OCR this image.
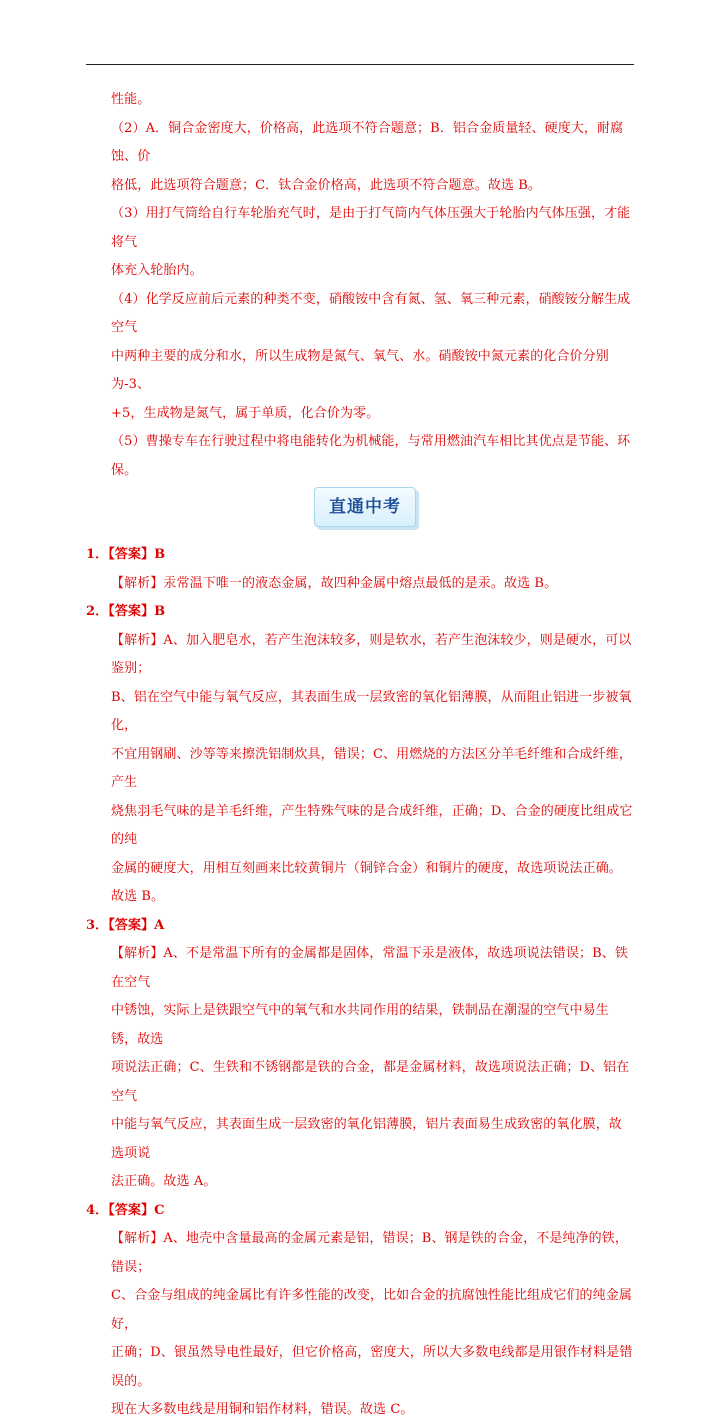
性能。

（2）A．铜合金密度大，价格高，此选项不符合题意；B．铝合金质量轻、硬度大，耐腐蚀、价

格低，此选项符合题意；C．钛合金价格高，此选项不符合题意。故选 B。

（3）用打气筒给自行车轮胎充气时，是由于打气筒内气体压强大于轮胎内气体压强，才能将气

体充入轮胎内。

（4）化学反应前后元素的种类不变，硝酸铵中含有氮、氢、氧三种元素，硝酸铵分解生成空气

中两种主要的成分和水，所以生成物是氮气、氧气、水。硝酸铵中氮元素的化合价分别为-3、

+5，生成物是氮气，属于单质，化合价为零。

（5）曹操专车在行驶过程中将电能转化为机械能，与常用燃油汽车相比其优点是节能、环保。

直通中考

1．【答案】B

【解析】汞常温下唯一的液态金属，故四种金属中熔点最低的是汞。故选 B。

2．【答案】B

【解析】A、加入肥皂水，若产生泡沫较多，则是软水，若产生泡沫较少，则是硬水，可以鉴别；

B、铝在空气中能与氧气反应，其表面生成一层致密的氧化铝薄膜，从而阻止铝进一步被氧化，

不宜用钢刷、沙等等来擦洗铝制炊具，错误；C、用燃烧的方法区分羊毛纤维和合成纤维，产生

烧焦羽毛气味的是羊毛纤维，产生特殊气味的是合成纤维，正确；D、合金的硬度比组成它的纯

金属的硬度大，用相互刻画来比较黄铜片（铜锌合金）和铜片的硬度，故选项说法正确。故选 B。

3．【答案】A

【解析】A、不是常温下所有的金属都是固体，常温下汞是液体，故选项说法错误；B、铁在空气

中锈蚀，实际上是铁跟空气中的氧气和水共同作用的结果，铁制品在潮湿的空气中易生锈，故选

项说法正确；C、生铁和不锈钢都是铁的合金，都是金属材料，故选项说法正确；D、铝在空气

中能与氧气反应，其表面生成一层致密的氧化铝薄膜，铝片表面易生成致密的氧化膜，故选项说

法正确。故选 A。

4．【答案】C

【解析】A、地壳中含量最高的金属元素是铝，错误；B、钢是铁的合金，不是纯净的铁，错误；

C、合金与组成的纯金属比有许多性能的改变，比如合金的抗腐蚀性能比组成它们的纯金属好，

正确；D、银虽然导电性最好，但它价格高，密度大，所以大多数电线都是用银作材料是错误的。

现在大多数电线是用铜和铝作材料，错误。故选 C。
